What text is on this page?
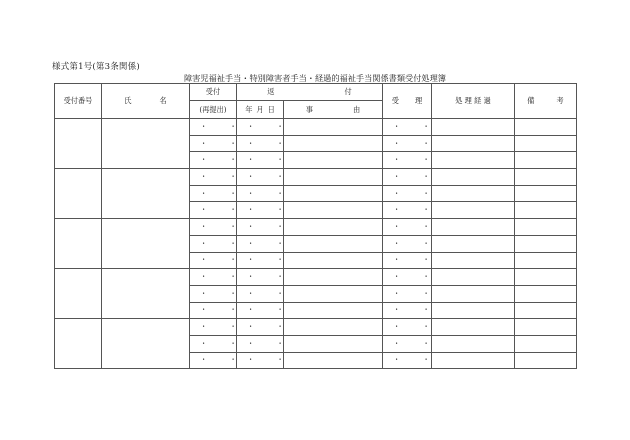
様式第1号(第3条関係)
障害児福祉手当・特別障害者手当・経過的福祉手当関係書類受付処理簿
受付番号	氏 名	受付	返 付		受 理	処 理 経 過	備 考
		(再提出)	年 月 日	事 由			
		・ ・	・ ・		・ ・		
		・ ・	・ ・		・ ・		
		・ ・	・ ・		・ ・		
		・ ・	・ ・		・ ・		
		・ ・	・ ・		・ ・		
		・ ・	・ ・		・ ・		
		・ ・	・ ・		・ ・		
		・ ・	・ ・		・ ・		
		・ ・	・ ・		・ ・		
		・ ・	・ ・		・ ・		
		・ ・	・ ・		・ ・		
		・ ・	・ ・		・ ・		
		・ ・	・ ・		・ ・		
		・ ・	・ ・		・ ・		
		・ ・	・ ・		・ ・		
